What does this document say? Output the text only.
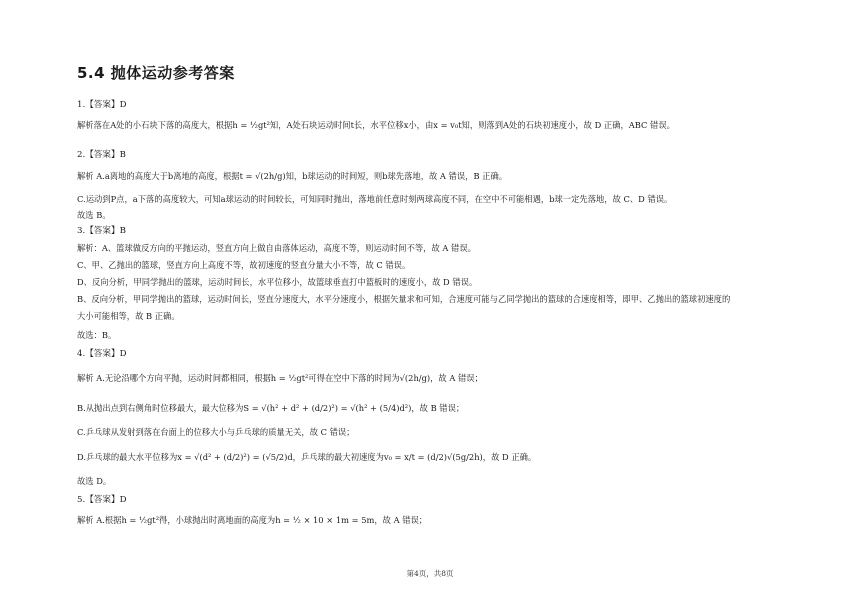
5.4 抛体运动参考答案
1.【答案】D
解析落在A处的小石块下落的高度大，根据h = ½gt²知，A处石块运动时间t长，水平位移x小，由x = v₀t知，则落到A处的石块初速度小，故 D 正确，ABC 错误。
2.【答案】B
解析 A.a离地的高度大于b离地的高度，根据t = √(2h/g)知，b球运动的时间短，则b球先落地，故 A 错误，B 正确。
C.运动到P点，a下落的高度较大，可知a球运动的时间较长，可知同时抛出，落地前任意时刻两球高度不同，在空中不可能相遇，b球一定先落地，故 C、D 错误。
故选 B。
3.【答案】B
解析：A、篮球做反方向的平抛运动，竖直方向上做自由落体运动，高度不等，则运动时间不等，故 A 错误。
C、甲、乙抛出的篮球，竖直方向上高度不等，故初速度的竖直分量大小不等，故 C 错误。
D、反向分析，甲同学抛出的篮球，运动时间长，水平位移小，故篮球垂直打中篮板时的速度小，故 D 错误。
B、反向分析，甲同学抛出的篮球，运动时间长，竖直分速度大，水平分速度小，根据矢量求和可知，合速度可能与乙同学抛出的篮球的合速度相等，即甲、乙抛出的篮球初速度的
大小可能相等，故 B 正确。
故选：B。
4.【答案】D
解析 A.无论沿哪个方向平抛，运动时间都相同，根据h = ½gt²可得在空中下落的时间为√(2h/g)，故 A 错误；
B.从抛出点到右侧角时位移最大，最大位移为S = √(h² + d² + (d/2)²) = √(h² + (5/4)d²)，故 B 错误；
C.乒乓球从发射到落在台面上的位移大小与乒乓球的质量无关，故 C 错误；
D.乒乓球的最大水平位移为x = √(d² + (d/2)²) = (√5/2)d，乒乓球的最大初速度为v₀ = x/t = (d/2)√(5g/2h)，故 D 正确。
故选 D。
5.【答案】D
解析 A.根据h = ½gt²得，小球抛出时离地面的高度为h = ½ × 10 × 1m = 5m，故 A 错误；
第4页，共8页
